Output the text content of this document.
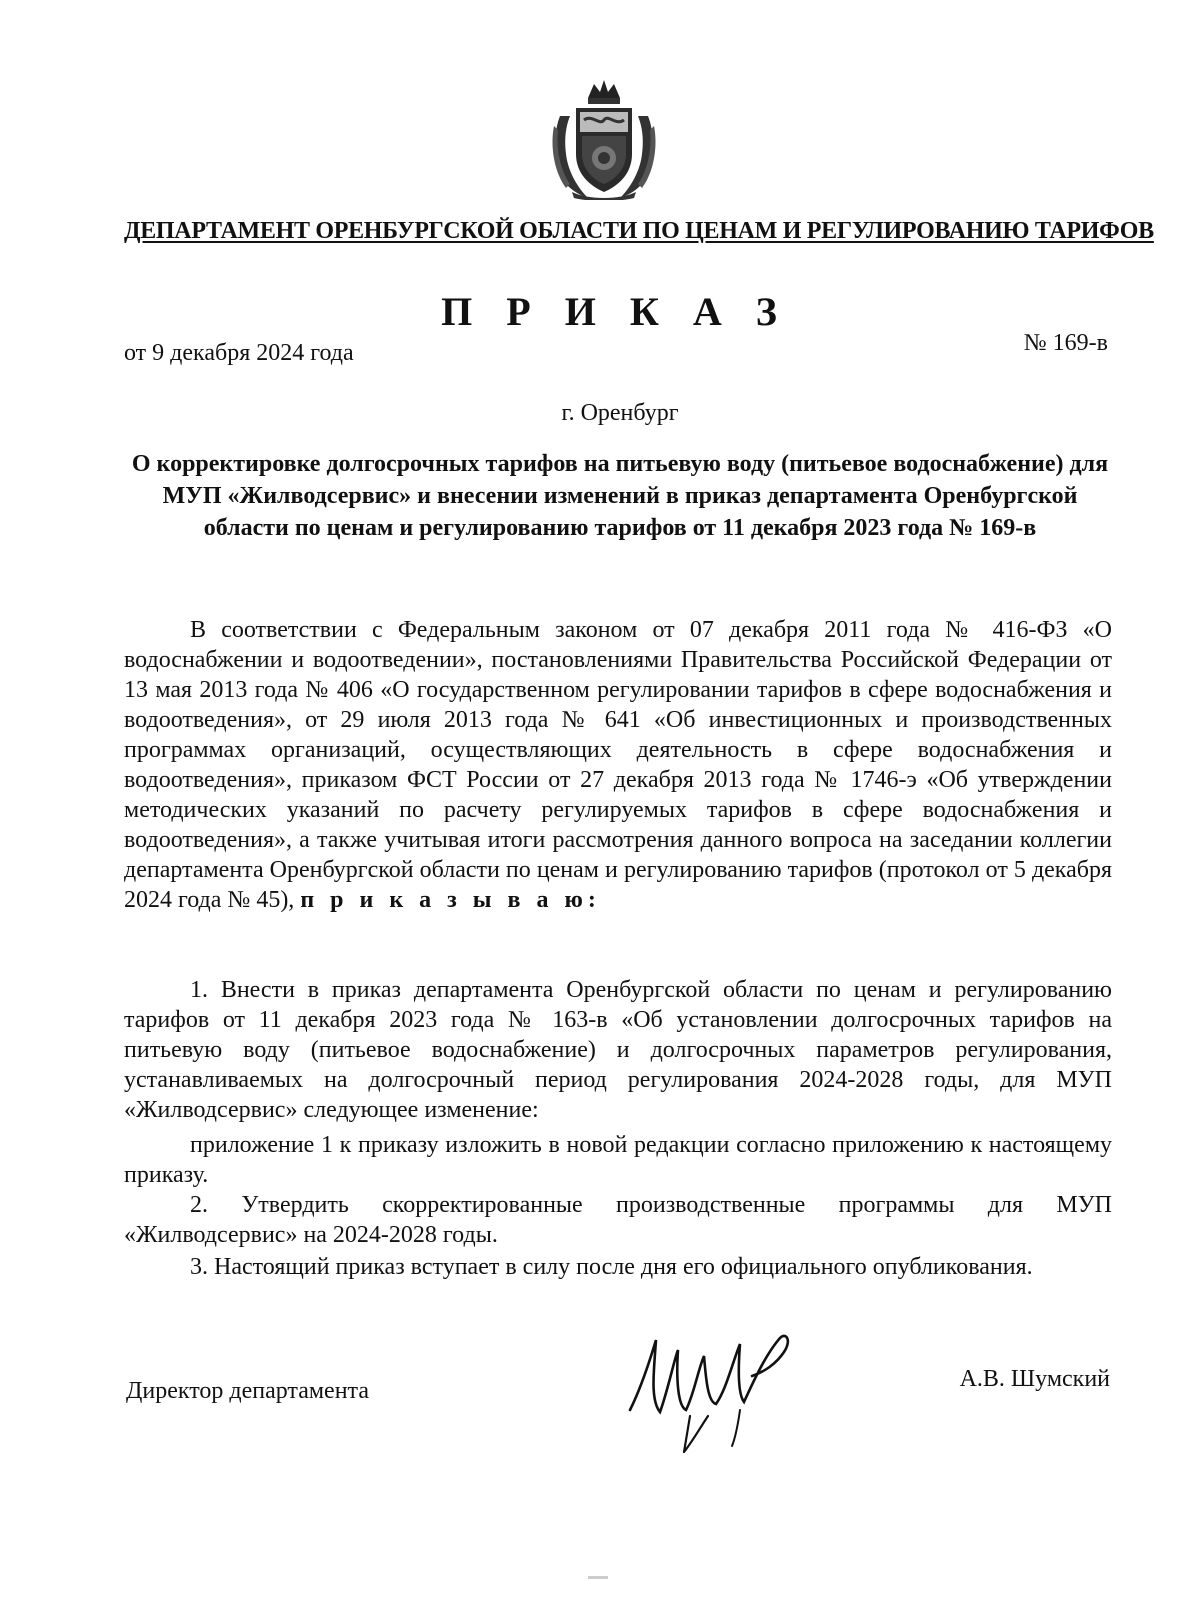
ДЕПАРТАМЕНТ ОРЕНБУРГСКОЙ ОБЛАСТИ ПО ЦЕНАМ И РЕГУЛИРОВАНИЮ ТАРИФОВ
П Р И К А З
от 9 декабря 2024 года	№ 169-в
г. Оренбург
О корректировке долгосрочных тарифов на питьевую воду (питьевое водоснабжение) для МУП «Жилводсервис» и внесении изменений в приказ департамента Оренбургской области по ценам и регулированию тарифов от 11 декабря 2023 года № 169-в
В соответствии с Федеральным законом от 07 декабря 2011 года № 416-ФЗ «О водоснабжении и водоотведении», постановлениями Правительства Российской Федерации от 13 мая 2013 года № 406 «О государственном регулировании тарифов в сфере водоснабжения и водоотведения», от 29 июля 2013 года № 641 «Об инвестиционных и производственных программах организаций, осуществляющих деятельность в сфере водоснабжения и водоотведения», приказом ФСТ России от 27 декабря 2013 года № 1746-э «Об утверждении методических указаний по расчету регулируемых тарифов в сфере водоснабжения и водоотведения», а также учитывая итоги рассмотрения данного вопроса на заседании коллегии департамента Оренбургской области по ценам и регулированию тарифов (протокол от 5 декабря 2024 года № 45), п р и к а з ы в а ю:
1. Внести в приказ департамента Оренбургской области по ценам и регулированию тарифов от 11 декабря 2023 года № 163-в «Об установлении долгосрочных тарифов на питьевую воду (питьевое водоснабжение) и долгосрочных параметров регулирования, устанавливаемых на долгосрочный период регулирования 2024-2028 годы, для МУП «Жилводсервис» следующее изменение:
приложение 1 к приказу изложить в новой редакции согласно приложению к настоящему приказу.
2. Утвердить скорректированные производственные программы для МУП «Жилводсервис» на 2024-2028 годы.
3. Настоящий приказ вступает в силу после дня его официального опубликования.
Директор департамента	А.В. Шумский
